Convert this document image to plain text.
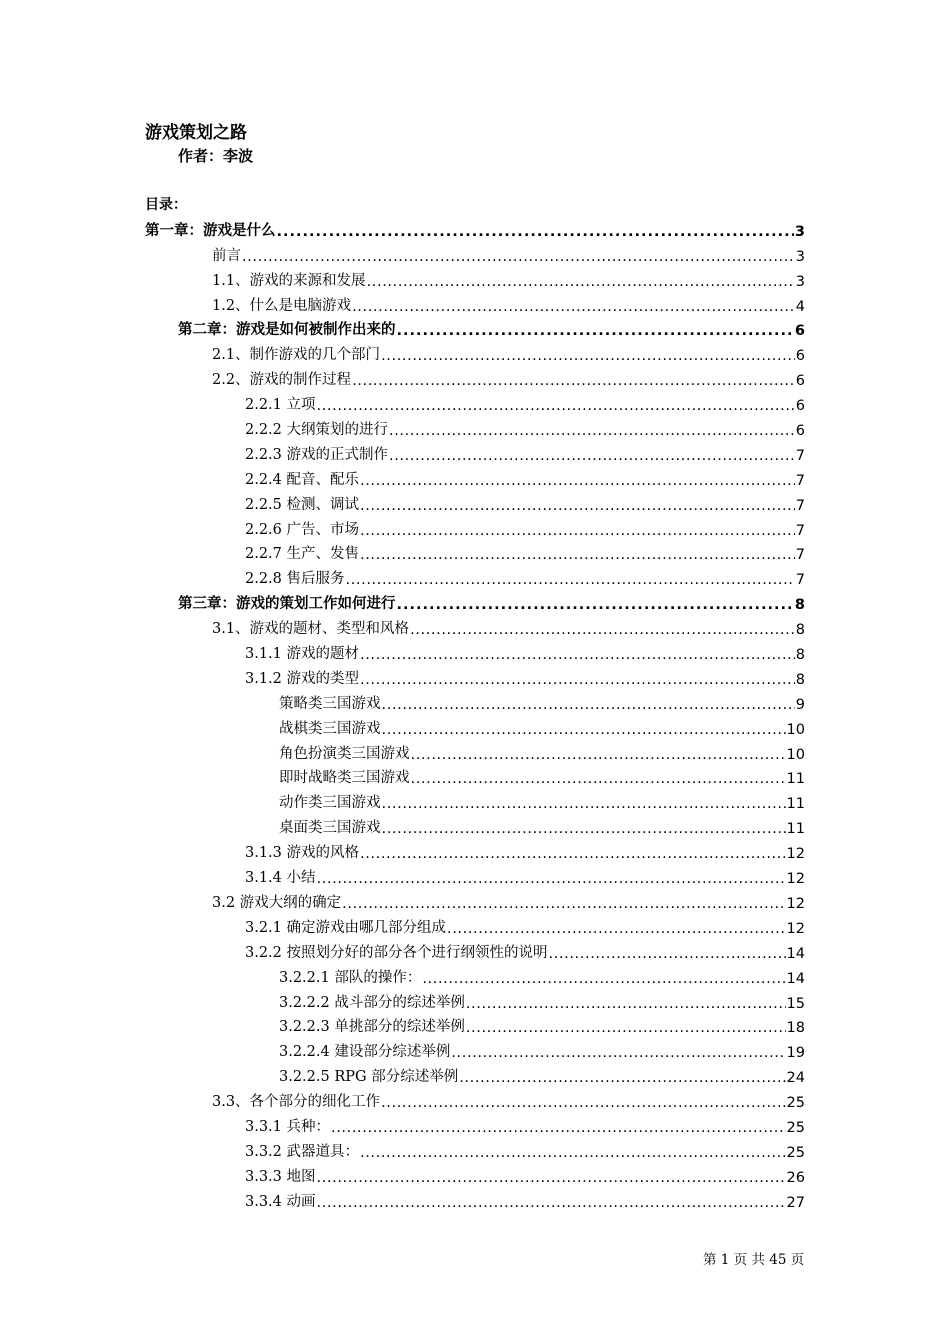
游戏策划之路
作者：李波
目录：
第一章：游戏是什么 .....	3
前言 .....	3
1.1、游戏的来源和发展 .....	3
1.2、什么是电脑游戏 .....	4
第二章：游戏是如何被制作出来的 .....	6
2.1、制作游戏的几个部门 .....	6
2.2、游戏的制作过程 .....	6
2.2.1 立项 .....	6
2.2.2 大纲策划的进行 .....	6
2.2.3 游戏的正式制作 .....	7
2.2.4 配音、配乐 .....	7
2.2.5 检测、调试 .....	7
2.2.6 广告、市场 .....	7
2.2.7 生产、发售 .....	7
2.2.8 售后服务 .....	7
第三章：游戏的策划工作如何进行 .....	8
3.1、游戏的题材、类型和风格 .....	8
3.1.1 游戏的题材 .....	8
3.1.2 游戏的类型 .....	8
策略类三国游戏 .....	9
战棋类三国游戏 .....	10
角色扮演类三国游戏 .....	10
即时战略类三国游戏 .....	11
动作类三国游戏 .....	11
桌面类三国游戏 .....	11
3.1.3 游戏的风格 .....	12
3.1.4 小结 .....	12
3.2 游戏大纲的确定 .....	12
3.2.1 确定游戏由哪几部分组成 .....	12
3.2.2 按照划分好的部分各个进行纲领性的说明 .....	14
3.2.2.1 部队的操作： .....	14
3.2.2.2 战斗部分的综述举例 .....	15
3.2.2.3 单挑部分的综述举例 .....	18
3.2.2.4 建设部分综述举例 .....	19
3.2.2.5 RPG 部分综述举例 .....	24
3.3、各个部分的细化工作 .....	25
3.3.1 兵种： .....	25
3.3.2 武器道具： .....	25
3.3.3 地图 .....	26
3.3.4 动画 .....	27
第 1 页 共 45 页
